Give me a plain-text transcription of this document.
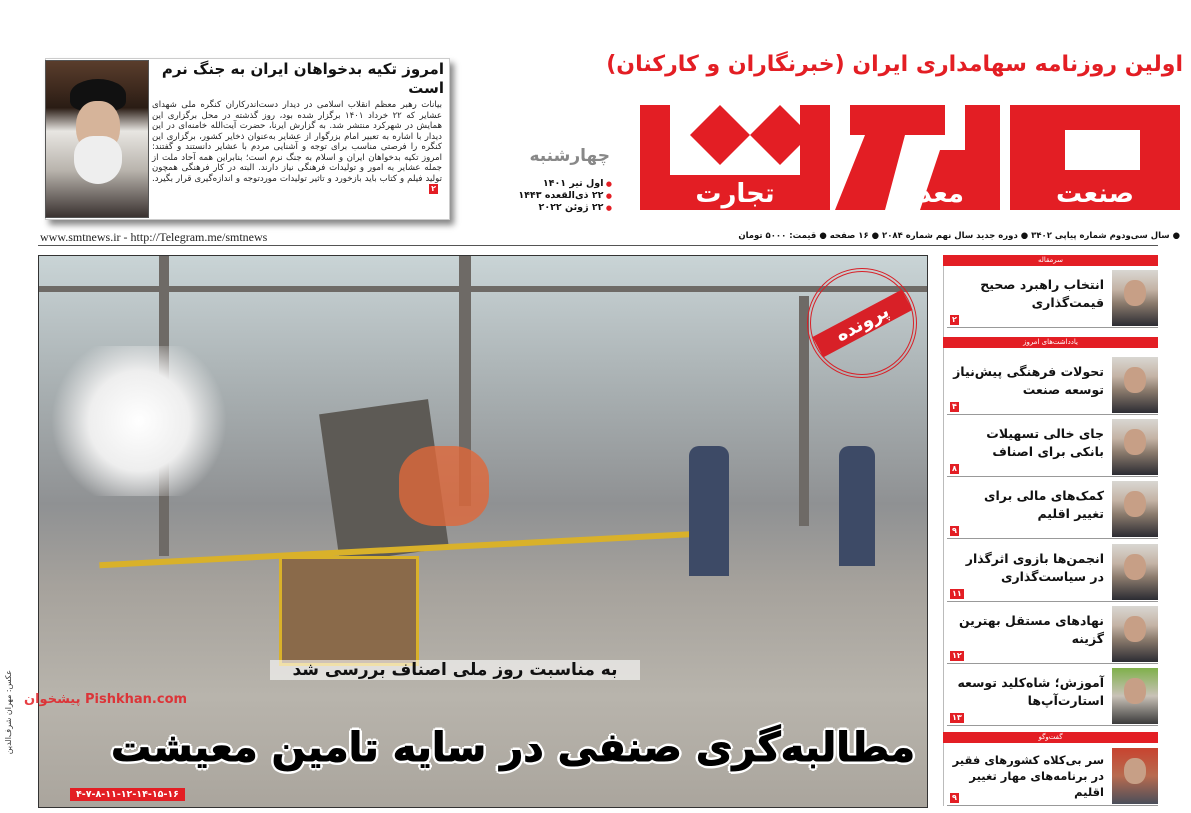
امروز تکیه بدخواهان ایران به جنگ نرم است
بیانات رهبر معظم انقلاب اسلامی در دیدار دست‌اندرکاران کنگره ملی شهدای عشایر که ۲۲ خرداد ۱۴۰۱ برگزار شده بود، روز گذشته در محل برگزاری این همایش در شهرکرد منتشر شد. به گزارش ایرنا، حضرت آیت‌الله خامنه‌ای در این دیدار با اشاره به تعبیر امام بزرگوار از عشایر به‌عنوان ذخایر کشور، برگزاری این کنگره را فرصتی مناسب برای توجه و آشنایی مردم با عشایر دانستند و گفتند: امروز تکیه بدخواهان ایران و اسلام به جنگ نرم است؛ بنابراین همه آحاد ملت از جمله عشایر به امور و تولیدات فرهنگی نیاز دارند. البته در کار فرهنگی همچون تولید فیلم و کتاب باید بازخورد و تاثیر تولیدات موردتوجه و اندازه‌گیری قرار بگیرد.۲
اولین روزنامه سهامداری ایران (خبرنگاران و کارکنان)
صنعت
معدن
تجارت
چهارشنبه
● اول تیر ۱۴۰۱
● ۲۲ ذی‌القعده ۱۴۴۳
● ۲۲ ژوئن ۲۰۲۲
www.smtnews.ir - http://Telegram.me/smtnews	● سال سی‌ودوم شماره پیاپی ۳۴۰۲ ● دوره جدید سال نهم شماره ۲۰۸۴ ● ۱۶ صفحه ● قیمت: ۵۰۰۰ تومان
پرونده
به مناسبت روز ملی اصناف بررسی شد
مطالبه‌گری صنفی در سایه تامین معیشت
۴-۷-۸-۱۱-۱۲-۱۴-۱۵-۱۶
عکس: مهران شرف‌الدین پیشخوان Pishkhan.com
سرمقاله
انتخاب راهبرد صحیح قیمت‌گذاری
۲
یادداشت‌های امروز
تحولات فرهنگی پیش‌نیاز توسعه صنعت
۴
جای خالی تسهیلات بانکی برای اصناف
۸
کمک‌های مالی برای تغییر اقلیم
۹
انجمن‌ها بازوی اثرگذار در سیاست‌گذاری
۱۱
نهادهای مستقل بهترین گزینه
۱۲
آموزش؛ شاه‌کلید توسعه استارت‌آپ‌ها
۱۳
گفت‌وگو
سر بی‌کلاه کشورهای فقیر در برنامه‌های مهار تغییر اقلیم
۹
